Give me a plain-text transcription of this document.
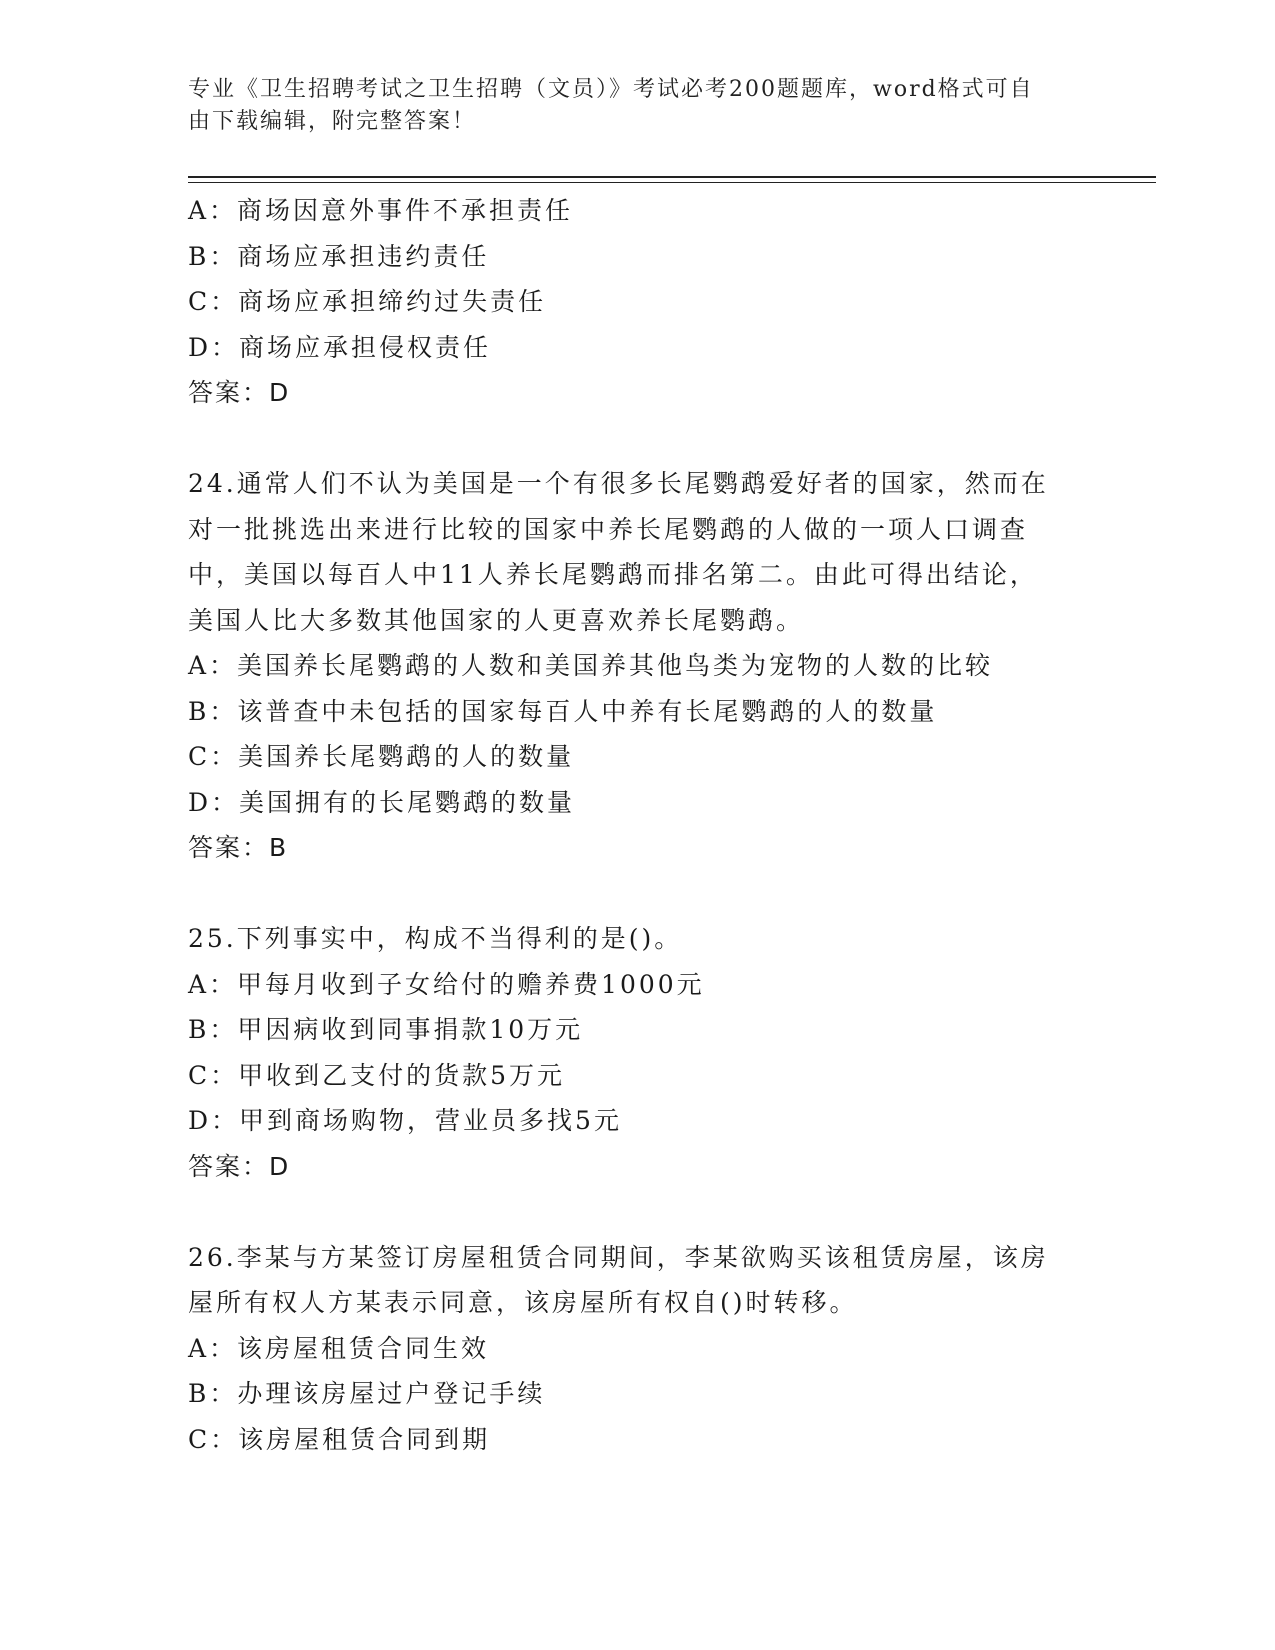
专业《卫生招聘考试之卫生招聘（文员）》考试必考200题题库，word格式可自
由下载编辑，附完整答案！
A：商场因意外事件不承担责任
B：商场应承担违约责任
C：商场应承担缔约过失责任
D：商场应承担侵权责任
答案：D
24.通常人们不认为美国是一个有很多长尾鹦鹉爱好者的国家，然而在
对一批挑选出来进行比较的国家中养长尾鹦鹉的人做的一项人口调查
中，美国以每百人中11人养长尾鹦鹉而排名第二。由此可得出结论，
美国人比大多数其他国家的人更喜欢养长尾鹦鹉。
A：美国养长尾鹦鹉的人数和美国养其他鸟类为宠物的人数的比较
B：该普查中未包括的国家每百人中养有长尾鹦鹉的人的数量
C：美国养长尾鹦鹉的人的数量
D：美国拥有的长尾鹦鹉的数量
答案：B
25.下列事实中，构成不当得利的是()。
A：甲每月收到子女给付的赡养费1000元
B：甲因病收到同事捐款10万元
C：甲收到乙支付的货款5万元
D：甲到商场购物，营业员多找5元
答案：D
26.李某与方某签订房屋租赁合同期间，李某欲购买该租赁房屋，该房
屋所有权人方某表示同意，该房屋所有权自()时转移。
A：该房屋租赁合同生效
B：办理该房屋过户登记手续
C：该房屋租赁合同到期
